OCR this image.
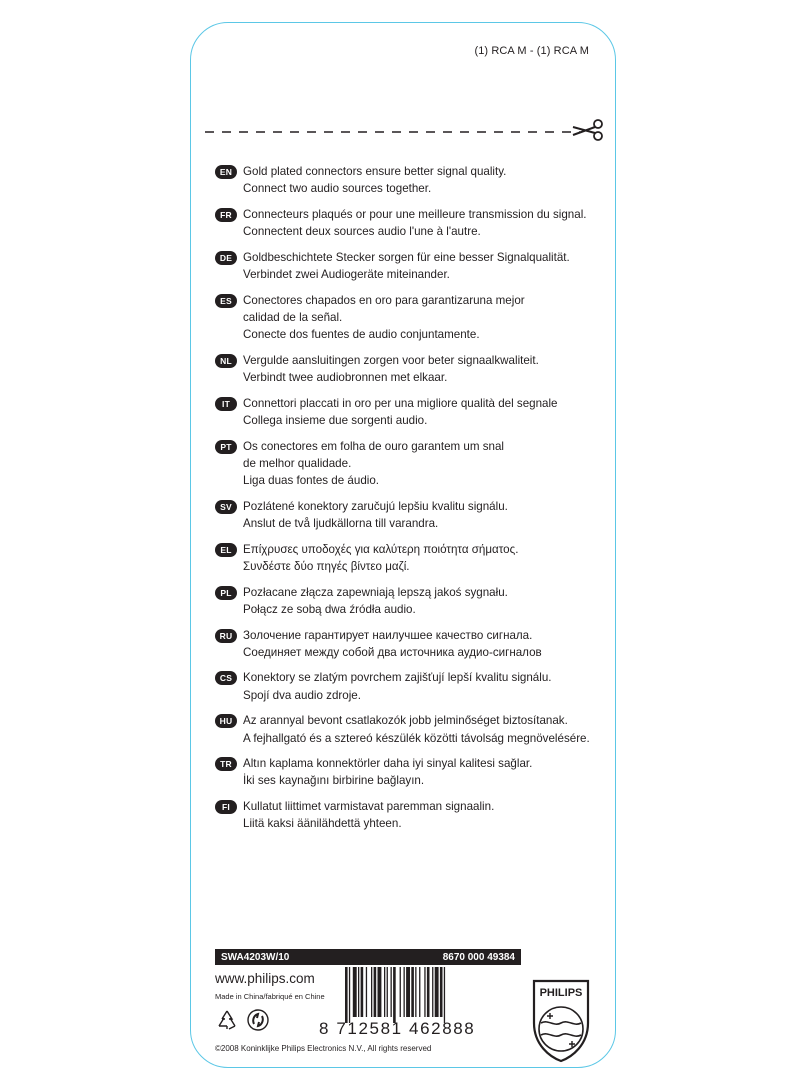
(1) RCA M - (1) RCA M
EN Gold plated connectors ensure better signal quality.
Connect two audio sources together.
FR Connecteurs plaqués or pour une meilleure transmission du signal.
Connectent deux sources audio l'une à l'autre.
DE Goldbeschichtete Stecker sorgen für eine besser Signalqualität.
Verbindet zwei Audiogeräte miteinander.
ES Conectores chapados en oro para garantizaruna mejor
calidad de la señal.
Conecte dos fuentes de audio conjuntamente.
NL Vergulde aansluitingen zorgen voor beter signaalkwaliteit.
Verbindt twee audiobronnen met elkaar.
IT	Connettori placcati in oro per una migliore qualità del segnale
Collega insieme due sorgenti audio.
PT Os conectores em folha de ouro garantem um snal
de melhor qualidade.
Liga duas fontes de áudio.
SV Pozlátené konektory zaručujú lepšiu kvalitu signálu.
Anslut de två ljudkällorna till varandra.
EL Επίχρυσες υποδοχές για καλύτερη ποιότητα σήματος.
Συνδέστε δύο πηγές βίντεο μαζί.
PL Pozłacane złącza zapewniają lepszą jakoś sygnału.
Połącz ze sobą dwa źródła audio.
RU Золочение гарантирует наилучшее качество сигнала.
Соединяет между собой два источника аудио-сигналов
CS Konektory se zlatým povrchem zajišťují lepší kvalitu signálu.
Spojí dva audio zdroje.
HU Az arannyal bevont csatlakozók jobb jelminőséget biztosítanak.
A fejhallgató és a sztereó készülék közötti távolság megnövelésére.
TR Altın kaplama konnektörler daha iyi sinyal kalitesi sağlar.
İki ses kaynağını birbirine bağlayın.
FI	Kullatut liittimet varmistavat paremman signaalin.
Liitä kaksi äänilähdettä yhteen.
SWA4203W/10	8670 000 49384
www.philips.com
Made in China/fabriqué en Chine
©2008 Koninklijke Philips Electronics N.V., All rights reserved
8 712581 462888
PHILIPS
